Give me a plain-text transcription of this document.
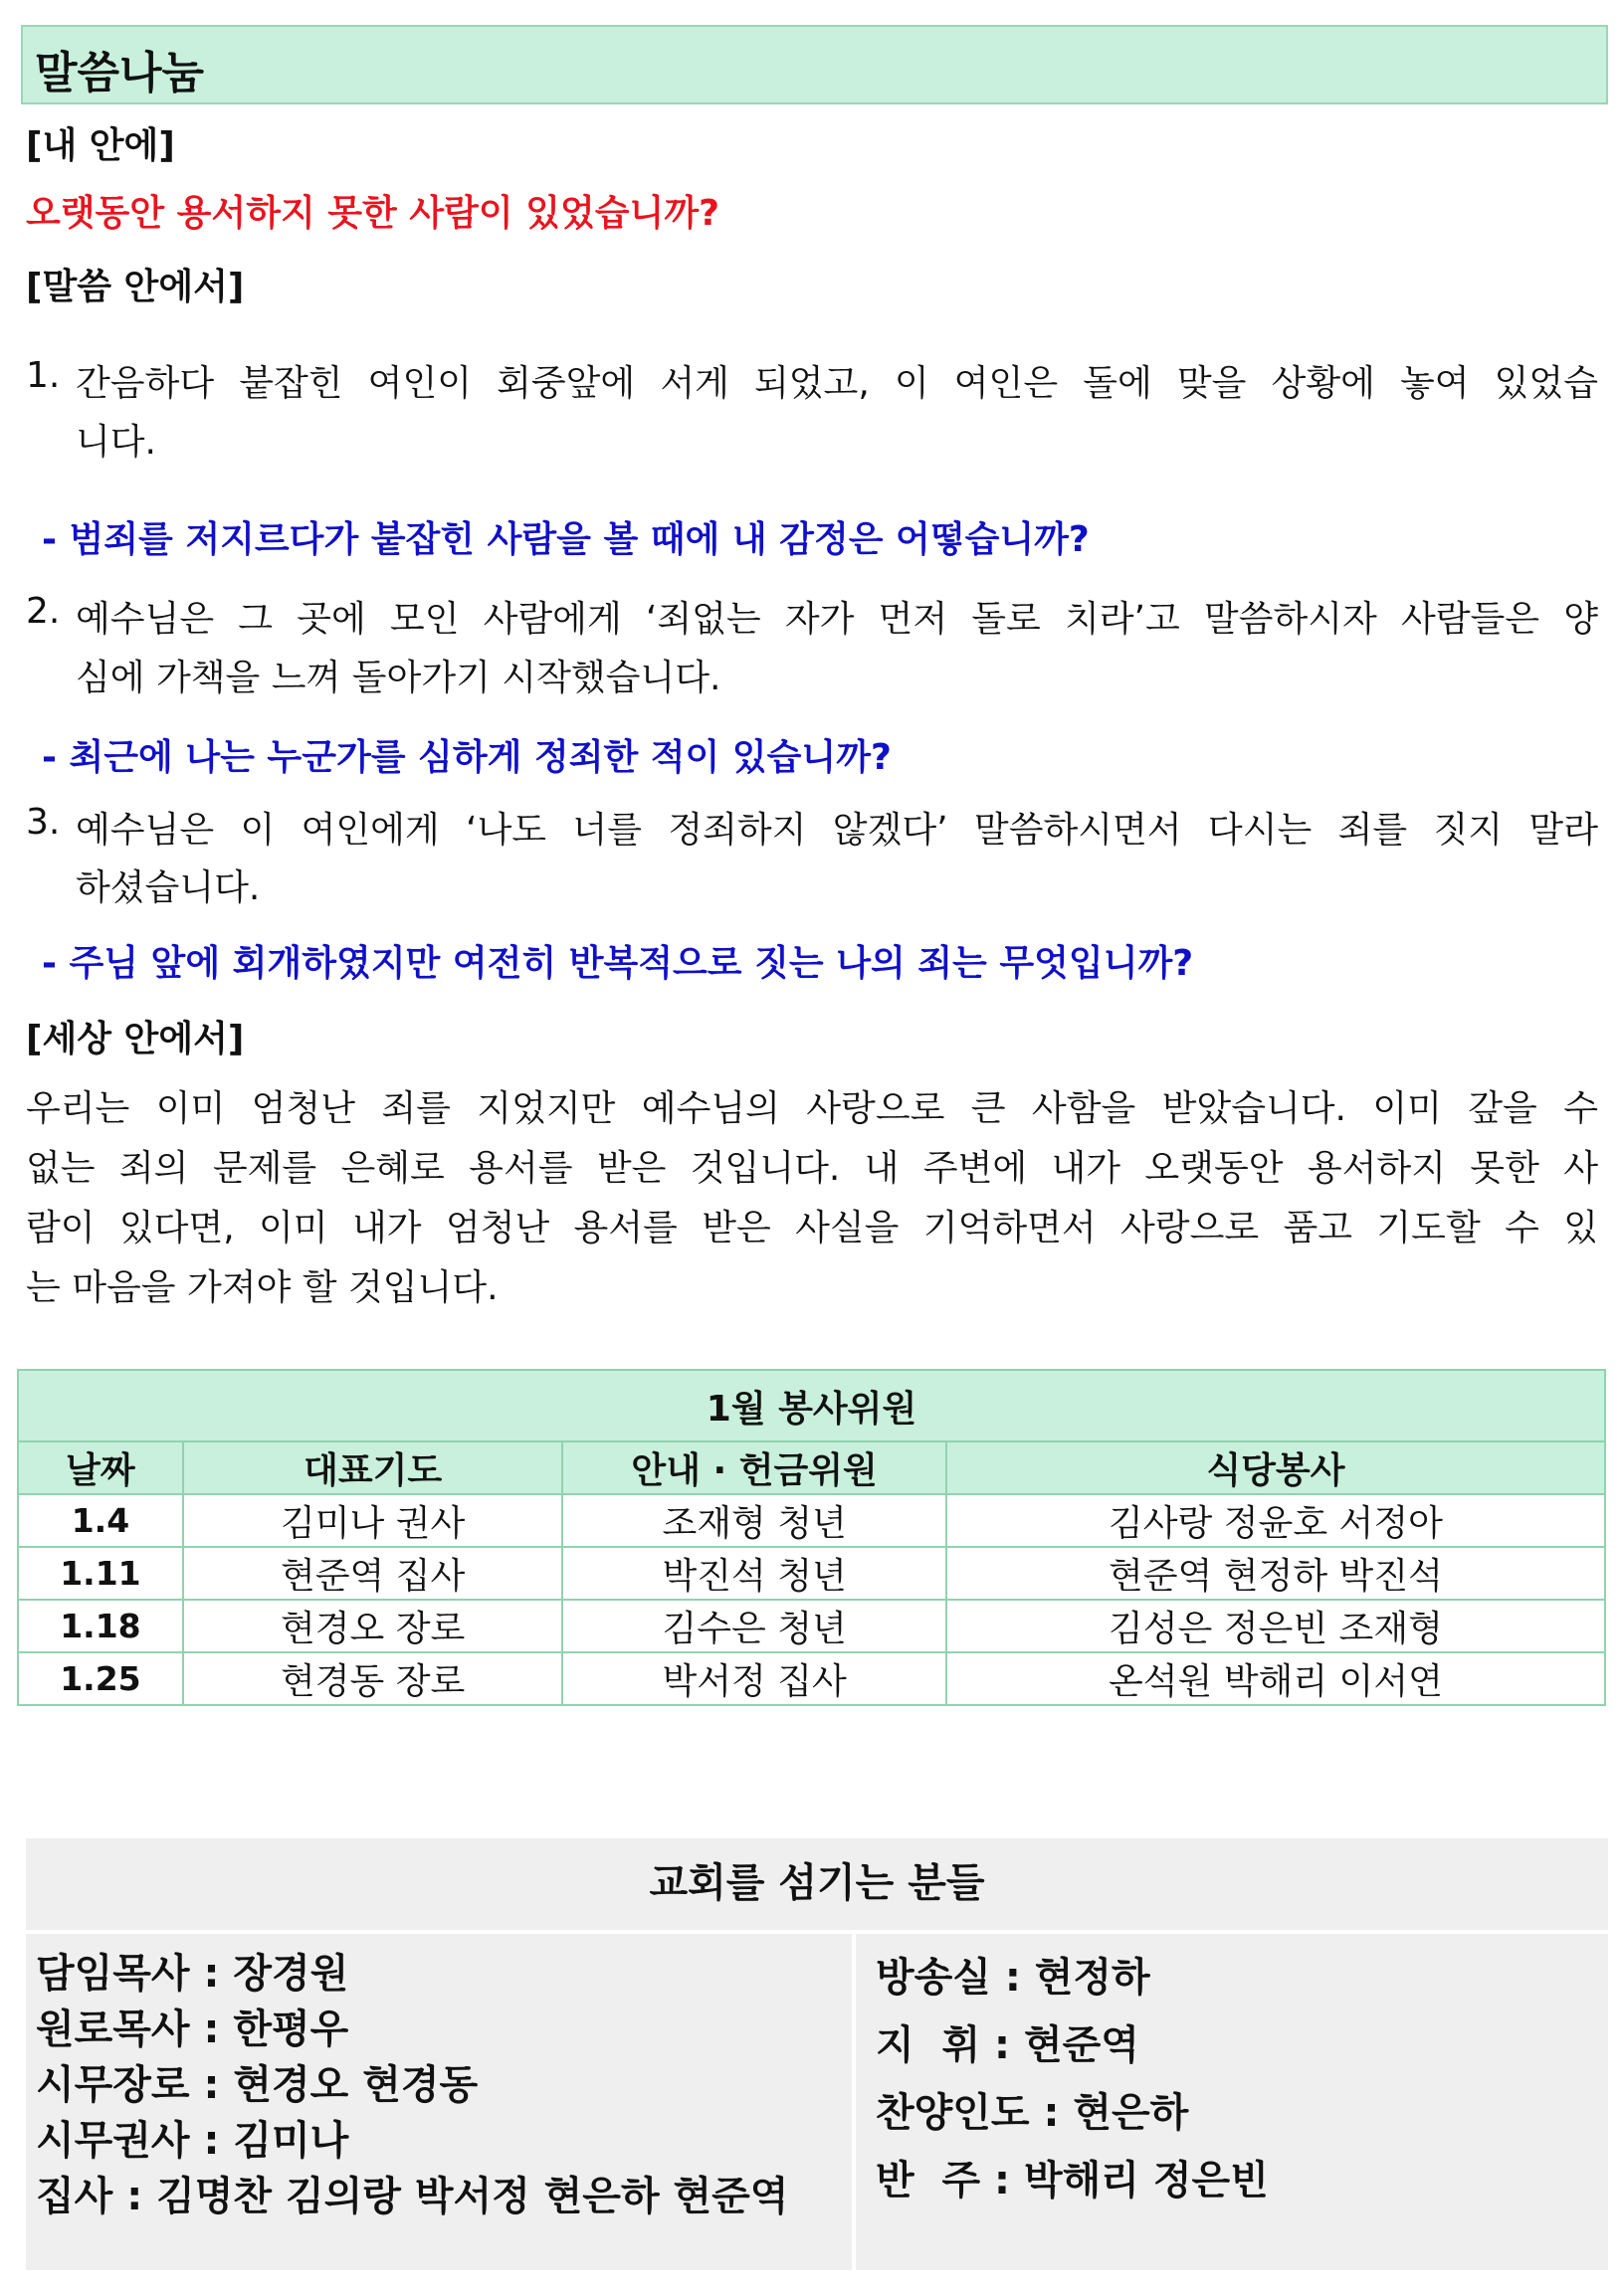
말씀나눔
[내 안에]
오랫동안 용서하지 못한 사람이 있었습니까?
[말씀 안에서]
1. 간음하다 붙잡힌 여인이 회중앞에 서게 되었고, 이 여인은 돌에 맞을 상황에 놓여 있었습
니다.
- 범죄를 저지르다가 붙잡힌 사람을 볼 때에 내 감정은 어떻습니까?
2. 예수님은 그 곳에 모인 사람에게 ‘죄없는 자가 먼저 돌로 치라’고 말씀하시자 사람들은 양
심에 가책을 느껴 돌아가기 시작했습니다.
- 최근에 나는 누군가를 심하게 정죄한 적이 있습니까?
3. 예수님은 이 여인에게 ‘나도 너를 정죄하지 않겠다’ 말씀하시면서 다시는 죄를 짓지 말라
하셨습니다.
- 주님 앞에 회개하였지만 여전히 반복적으로 짓는 나의 죄는 무엇입니까?
[세상 안에서]
우리는 이미 엄청난 죄를 지었지만 예수님의 사랑으로 큰 사함을 받았습니다. 이미 갚을 수
없는 죄의 문제를 은혜로 용서를 받은 것입니다. 내 주변에 내가 오랫동안 용서하지 못한 사
람이 있다면, 이미 내가 엄청난 용서를 받은 사실을 기억하면서 사랑으로 품고 기도할 수 있
는 마음을 가져야 할 것입니다.
1월 봉사위원			
날짜	대표기도	안내 · 헌금위원	식당봉사
1.4	김미나 권사	조재형 청년	김사랑 정윤호 서정아
1.11	현준역 집사	박진석 청년	현준역 현정하 박진석
1.18	현경오 장로	김수은 청년	김성은 정은빈 조재형
1.25	현경동 장로	박서정 집사	온석원 박해리 이서연
교회를 섬기는 분들
담임목사 : 장경원
원로목사 : 한평우
시무장로 : 현경오 현경동
시무권사 : 김미나
집사 : 김명찬 김의랑 박서정 현은하 현준역
방송실 : 현정하
지  휘 : 현준역
찬양인도 : 현은하
반  주 : 박해리 정은빈
